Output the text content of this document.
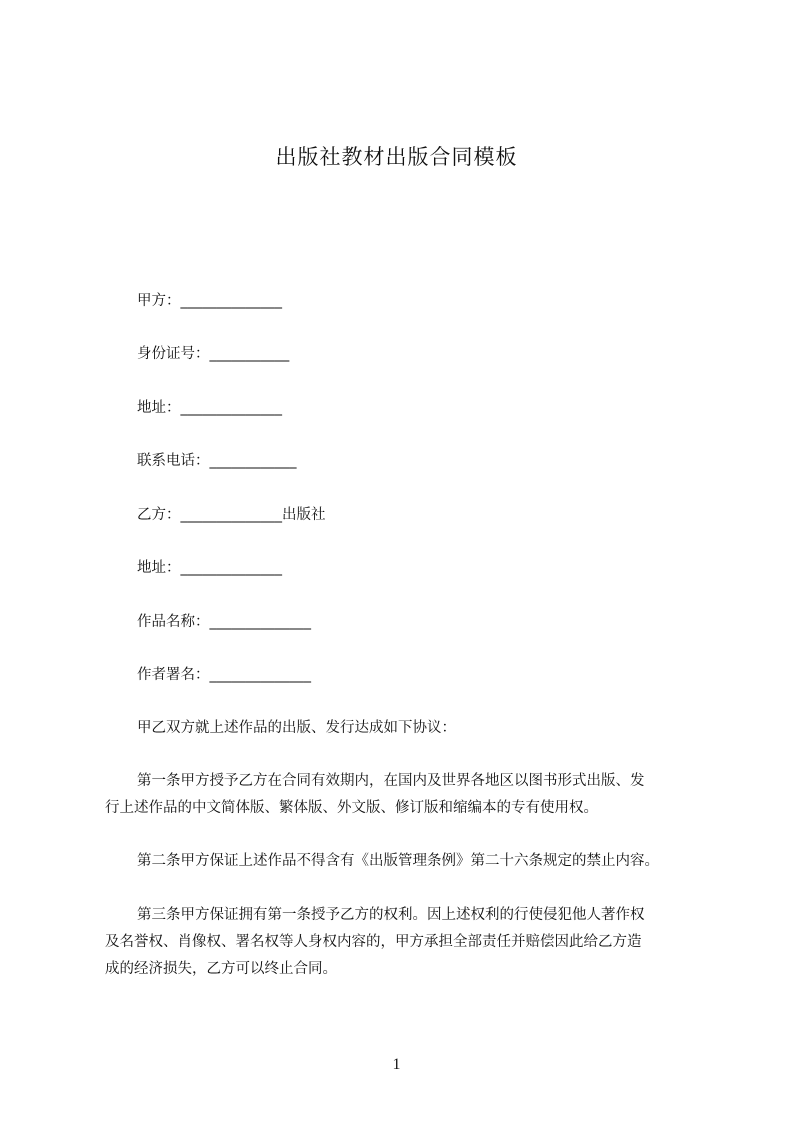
出版社教材出版合同模板
甲方：______________
身份证号：___________
地址：______________
联系电话：____________
乙方：______________出版社
地址：______________
作品名称：______________
作者署名：______________
甲乙双方就上述作品的出版、发行达成如下协议：
第一条甲方授予乙方在合同有效期内，在国内及世界各地区以图书形式出版、发
行上述作品的中文简体版、繁体版、外文版、修订版和缩编本的专有使用权。
第二条甲方保证上述作品不得含有《出版管理条例》第二十六条规定的禁止内容。
第三条甲方保证拥有第一条授予乙方的权利。因上述权利的行使侵犯他人著作权
及名誉权、肖像权、署名权等人身权内容的，甲方承担全部责任并赔偿因此给乙方造
成的经济损失，乙方可以终止合同。
1
